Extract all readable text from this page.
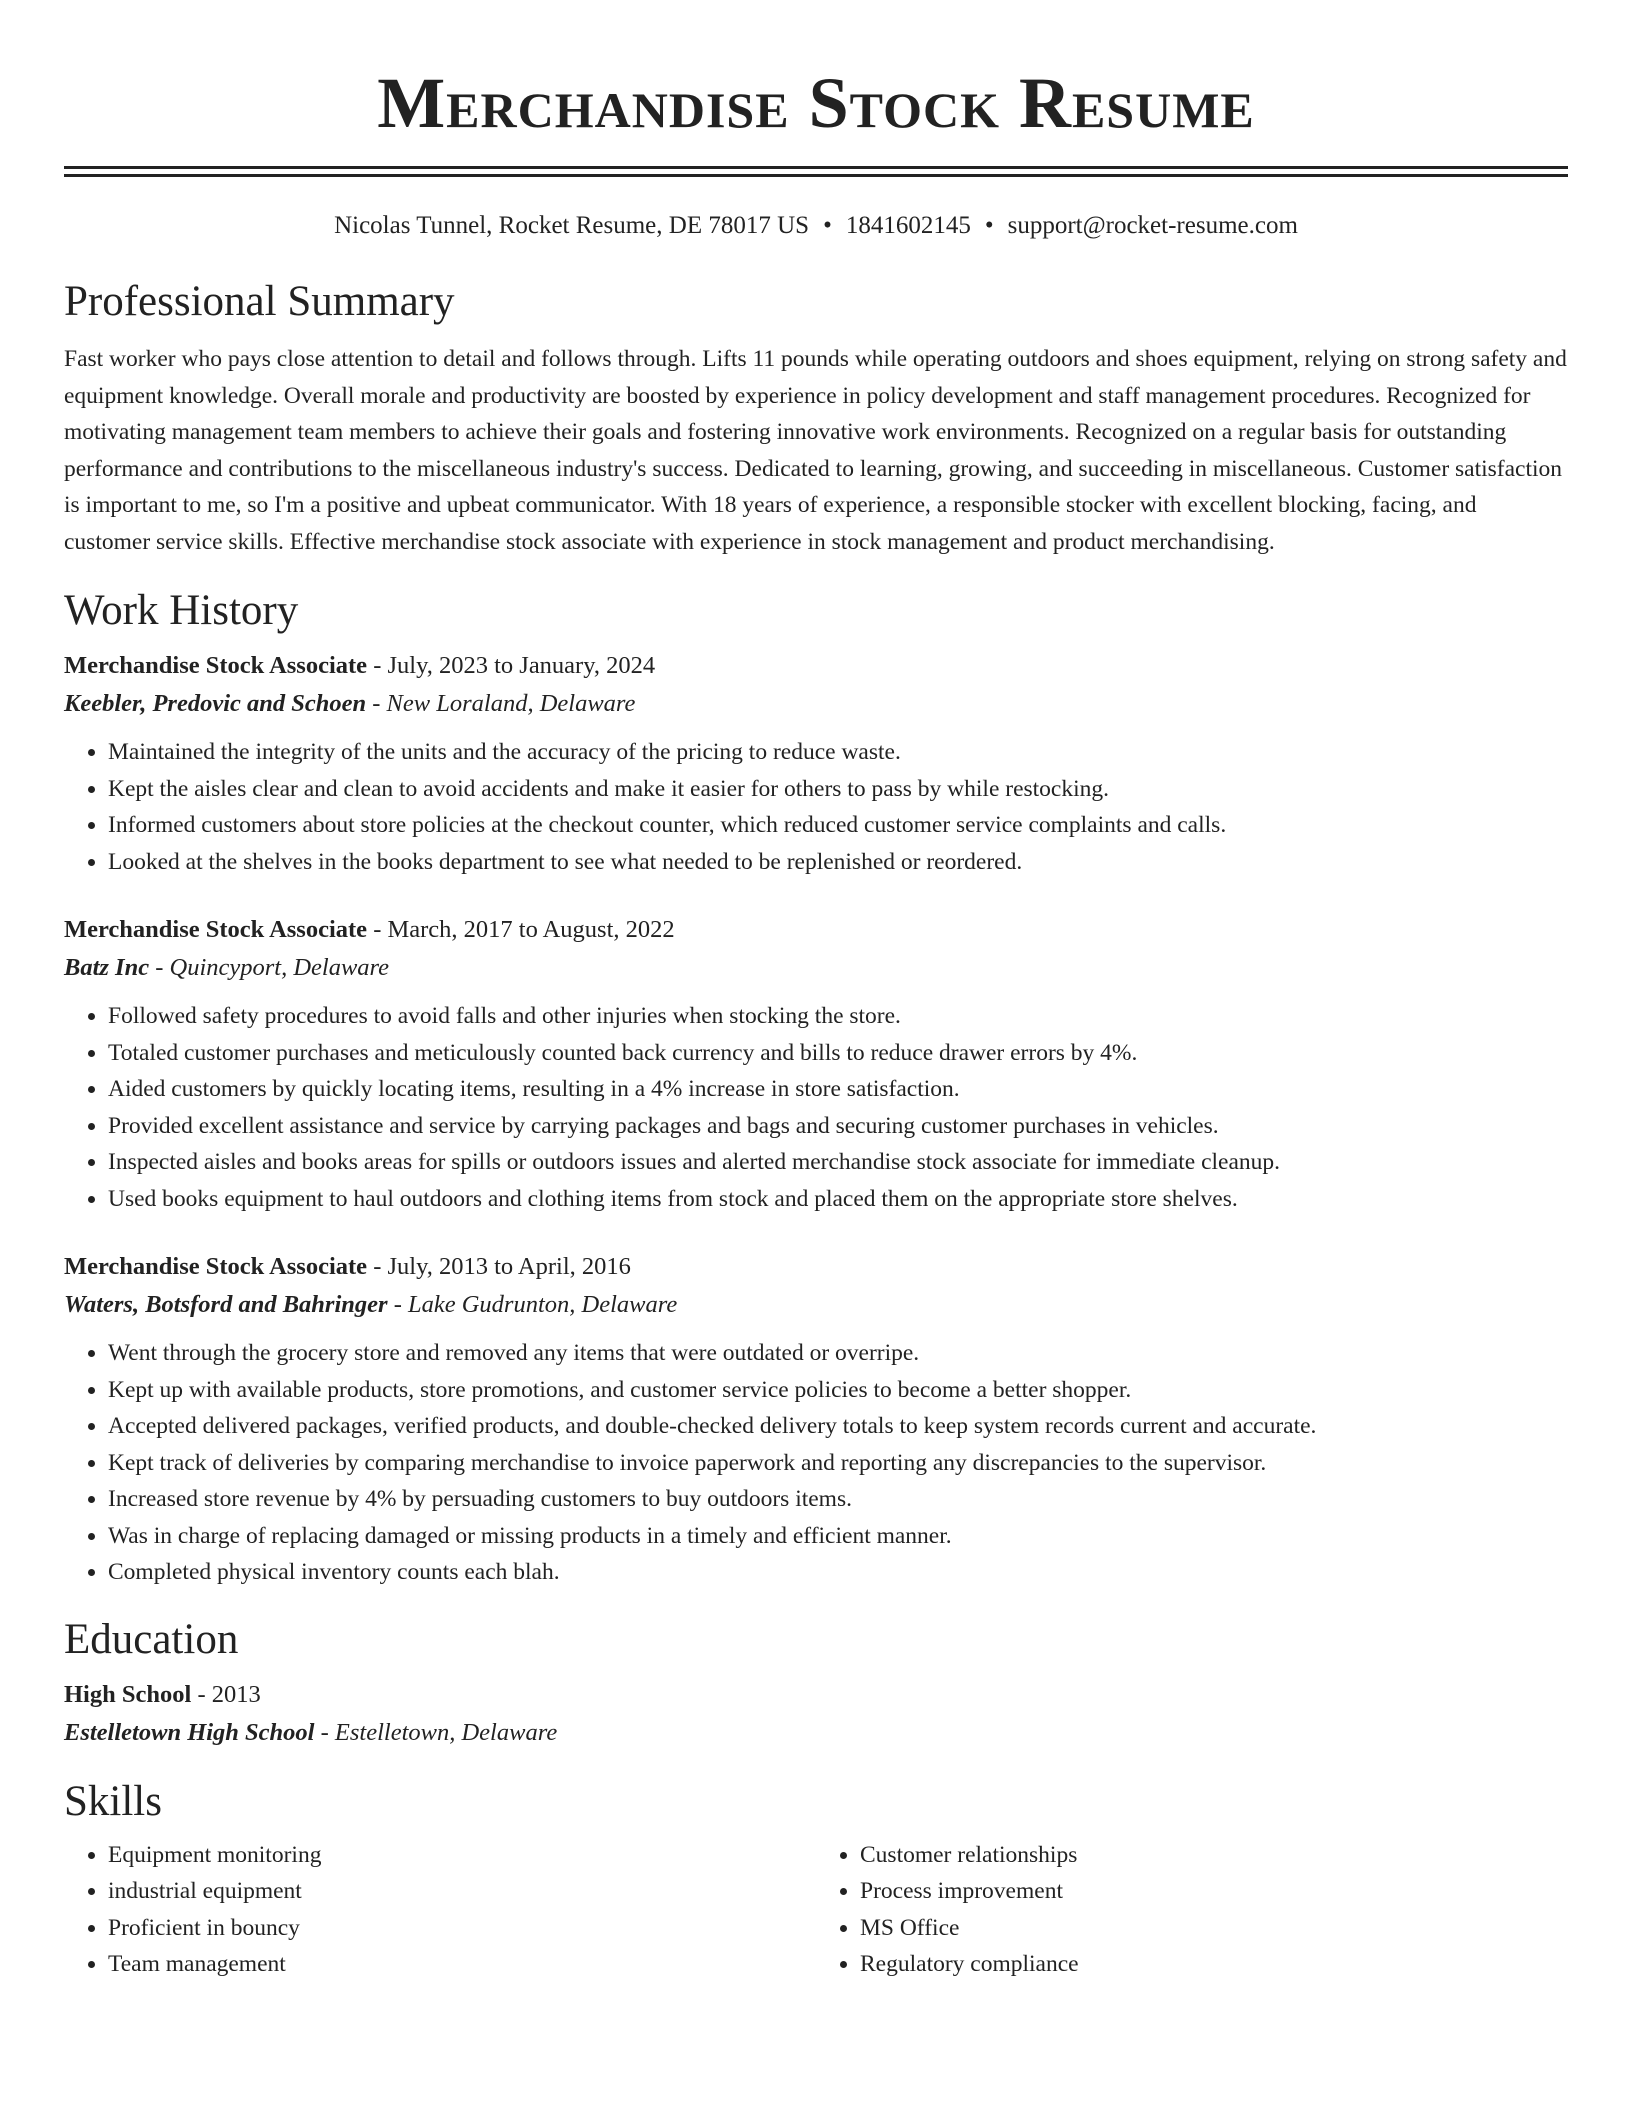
Merchandise Stock Resume
Nicolas Tunnel, Rocket Resume, DE 78017 US • 1841602145 • support@rocket-resume.com
Professional Summary

Fast worker who pays close attention to detail and follows through. Lifts 11 pounds while operating outdoors and shoes equipment, relying on strong safety and equipment knowledge. Overall morale and productivity are boosted by experience in policy development and staff management procedures. Recognized for motivating management team members to achieve their goals and fostering innovative work environments. Recognized on a regular basis for outstanding performance and contributions to the miscellaneous industry's success. Dedicated to learning, growing, and succeeding in miscellaneous. Customer satisfaction is important to me, so I'm a positive and upbeat communicator. With 18 years of experience, a responsible stocker with excellent blocking, facing, and customer service skills. Effective merchandise stock associate with experience in stock management and product merchandising.

Work History
Merchandise Stock Associate - July, 2023 to January, 2024
Keebler, Predovic and Schoen - New Loraland, Delaware
• Maintained the integrity of the units and the accuracy of the pricing to reduce waste.
• Kept the aisles clear and clean to avoid accidents and make it easier for others to pass by while restocking.
• Informed customers about store policies at the checkout counter, which reduced customer service complaints and calls.
• Looked at the shelves in the books department to see what needed to be replenished or reordered.
Merchandise Stock Associate - March, 2017 to August, 2022
Batz Inc - Quincyport, Delaware
• Followed safety procedures to avoid falls and other injuries when stocking the store.
• Totaled customer purchases and meticulously counted back currency and bills to reduce drawer errors by 4%.
• Aided customers by quickly locating items, resulting in a 4% increase in store satisfaction.
• Provided excellent assistance and service by carrying packages and bags and securing customer purchases in vehicles.
• Inspected aisles and books areas for spills or outdoors issues and alerted merchandise stock associate for immediate cleanup.
• Used books equipment to haul outdoors and clothing items from stock and placed them on the appropriate store shelves.
Merchandise Stock Associate - July, 2013 to April, 2016
Waters, Botsford and Bahringer - Lake Gudrunton, Delaware
• Went through the grocery store and removed any items that were outdated or overripe.
• Kept up with available products, store promotions, and customer service policies to become a better shopper.
• Accepted delivered packages, verified products, and double-checked delivery totals to keep system records current and accurate.
• Kept track of deliveries by comparing merchandise to invoice paperwork and reporting any discrepancies to the supervisor.
• Increased store revenue by 4% by persuading customers to buy outdoors items.
• Was in charge of replacing damaged or missing products in a timely and efficient manner.
• Completed physical inventory counts each blah.
Education
High School - 2013
Estelletown High School - Estelletown, Delaware
Skills
• Equipment monitoring
• industrial equipment
• Proficient in bouncy
• Team management
• Customer relationships
• Process improvement
• MS Office
• Regulatory compliance
